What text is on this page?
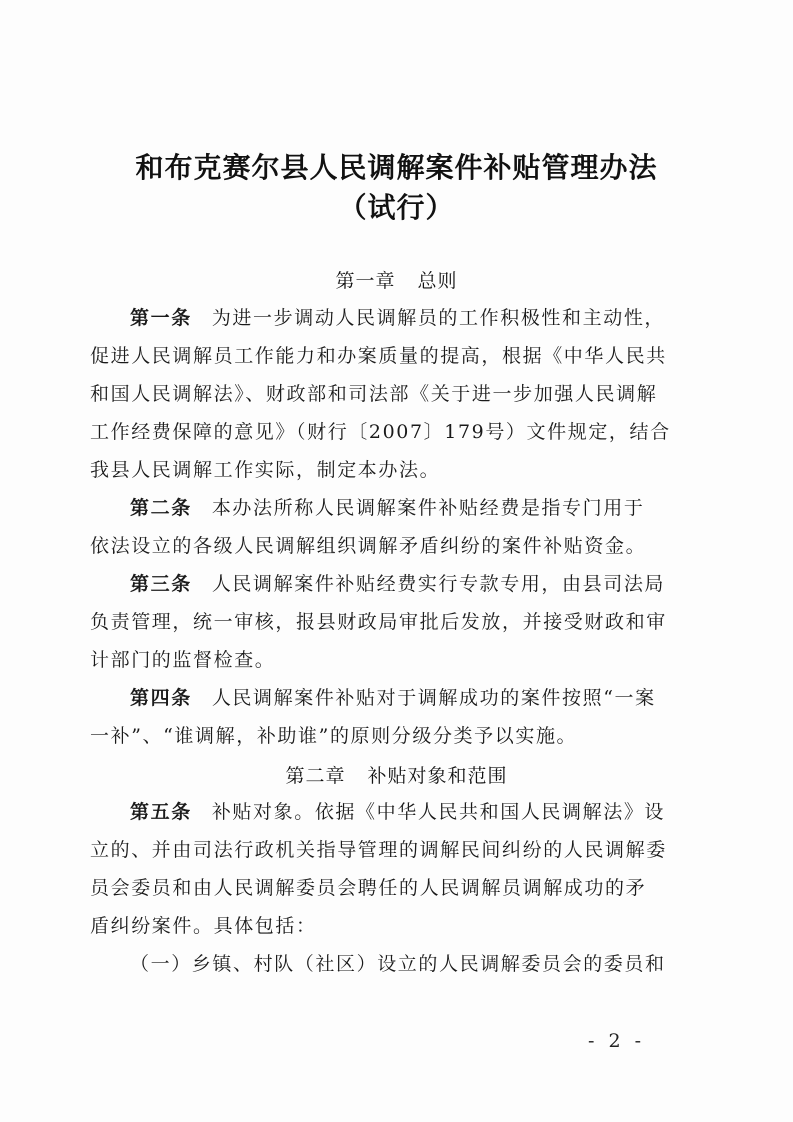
和布克赛尔县人民调解案件补贴管理办法
（试行）
第一章 总则
第一条 为进一步调动人民调解员的工作积极性和主动性，
促进人民调解员工作能力和办案质量的提高，根据《中华人民共
和国人民调解法》、财政部和司法部《关于进一步加强人民调解
工作经费保障的意见》（财行〔2007〕179号）文件规定，结合
我县人民调解工作实际，制定本办法。
第二条 本办法所称人民调解案件补贴经费是指专门用于
依法设立的各级人民调解组织调解矛盾纠纷的案件补贴资金。
第三条 人民调解案件补贴经费实行专款专用，由县司法局
负责管理，统一审核，报县财政局审批后发放，并接受财政和审
计部门的监督检查。
第四条 人民调解案件补贴对于调解成功的案件按照“一案
一补”、“谁调解，补助谁”的原则分级分类予以实施。
第二章 补贴对象和范围
第五条 补贴对象。依据《中华人民共和国人民调解法》设
立的、并由司法行政机关指导管理的调解民间纠纷的人民调解委
员会委员和由人民调解委员会聘任的人民调解员调解成功的矛
盾纠纷案件。具体包括：
（一）乡镇、村队（社区）设立的人民调解委员会的委员和
- 2 -
